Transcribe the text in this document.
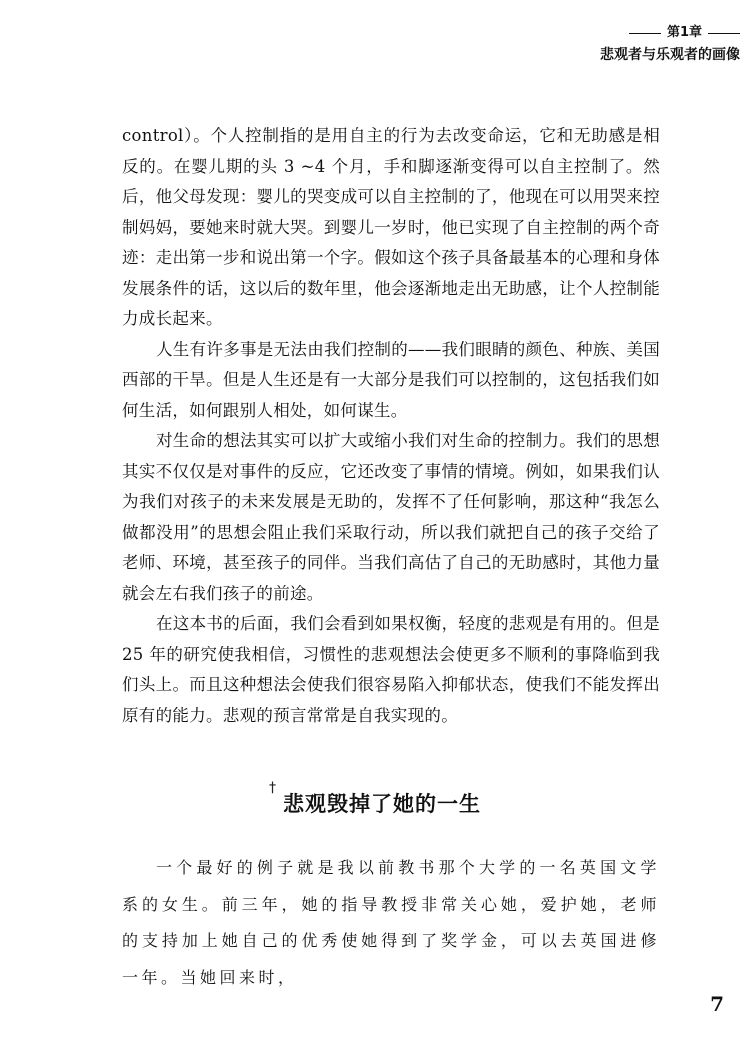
第1章
悲观者与乐观者的画像

control）。个人控制指的是用自主的行为去改变命运，它和无助感是相反的。在婴儿期的头 3 ~4 个月，手和脚逐渐变得可以自主控制了。然后，他父母发现：婴儿的哭变成可以自主控制的了，他现在可以用哭来控制妈妈，要她来时就大哭。到婴儿一岁时，他已实现了自主控制的两个奇迹：走出第一步和说出第一个字。假如这个孩子具备最基本的心理和身体发展条件的话，这以后的数年里，他会逐渐地走出无助感，让个人控制能力成长起来。

人生有许多事是无法由我们控制的——我们眼睛的颜色、种族、美国西部的干旱。但是人生还是有一大部分是我们可以控制的，这包括我们如何生活，如何跟别人相处，如何谋生。

对生命的想法其实可以扩大或缩小我们对生命的控制力。我们的思想其实不仅仅是对事件的反应，它还改变了事情的情境。例如，如果我们认为我们对孩子的未来发展是无助的，发挥不了任何影响，那这种“我怎么做都没用”的思想会阻止我们采取行动，所以我们就把自己的孩子交给了老师、环境，甚至孩子的同伴。当我们高估了自己的无助感时，其他力量就会左右我们孩子的前途。

在这本书的后面，我们会看到如果权衡，轻度的悲观是有用的。但是 25 年的研究使我相信，习惯性的悲观想法会使更多不顺利的事降临到我们头上。而且这种想法会使我们很容易陷入抑郁状态，使我们不能发挥出原有的能力。悲观的预言常常是自我实现的。

†
悲观毁掉了她的一生

一个最好的例子就是我以前教书那个大学的一名英国文学系的女生。前三年，她的指导教授非常关心她，爱护她，老师的支持加上她自己的优秀使她得到了奖学金，可以去英国进修一年。当她回来时，

7
